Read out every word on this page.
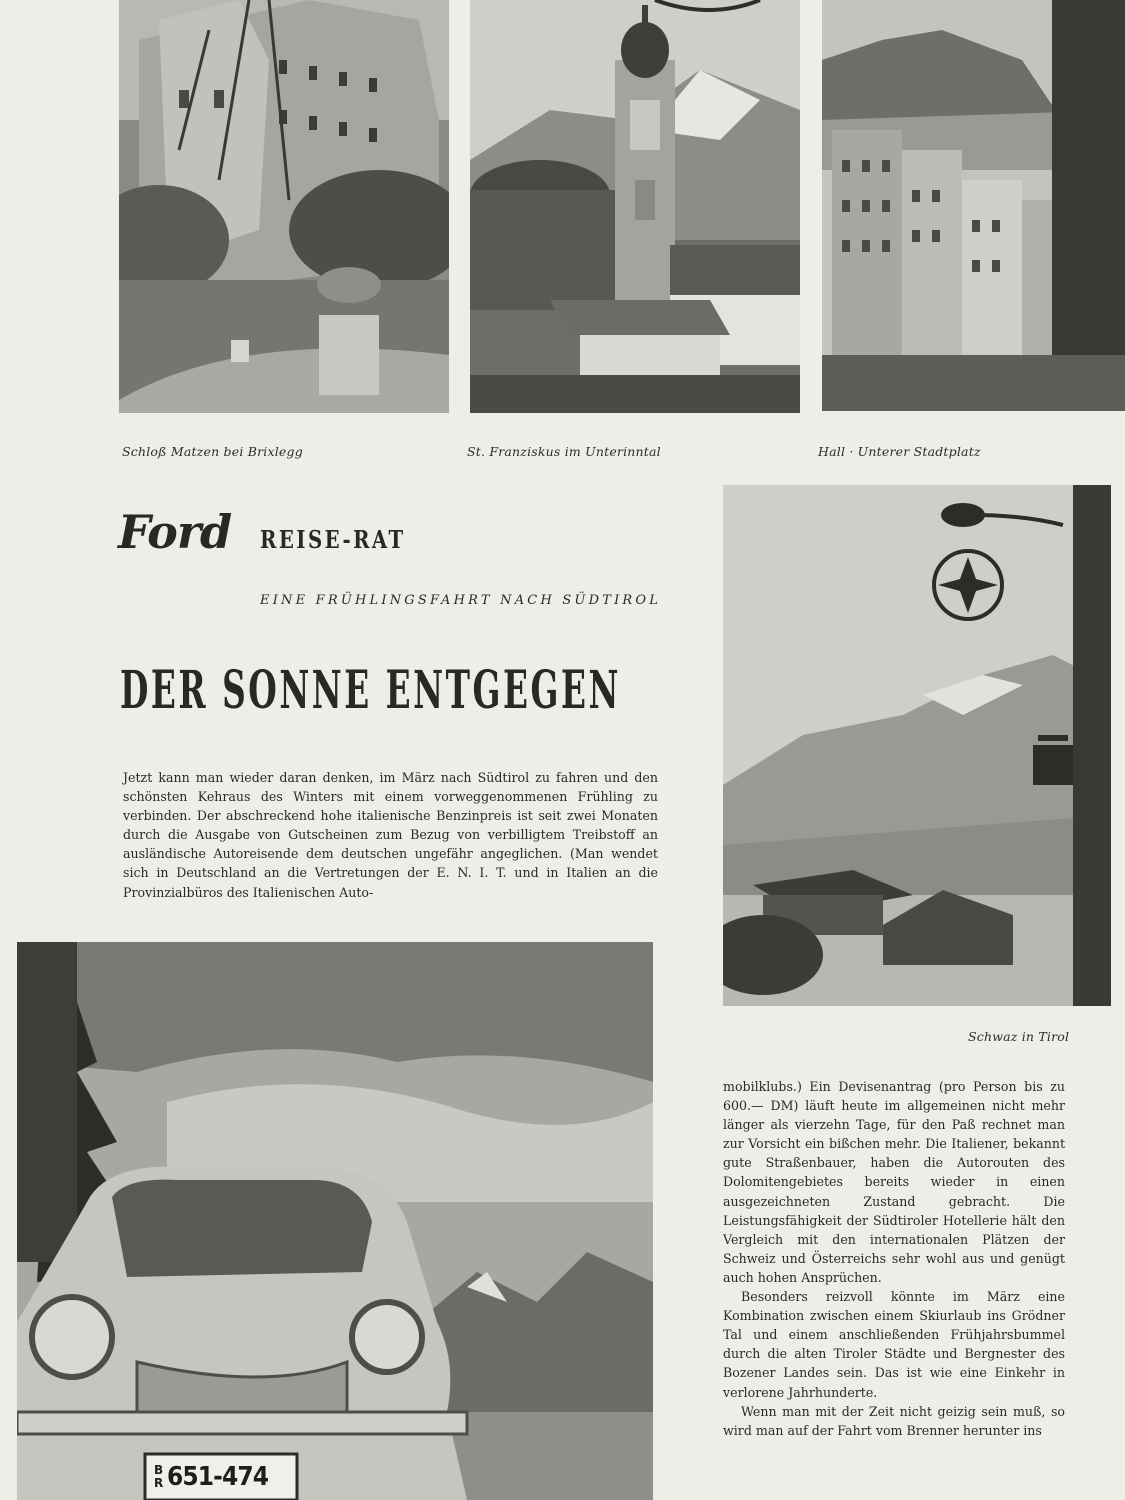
Schloß Matzen bei Brixlegg	St. Franziskus im Unterinntal	Hall · Unterer Stadtplatz
Ford REISE-RAT
EINE FRÜHLINGSFAHRT NACH SÜDTIROL
DER SONNE ENTGEGEN

Jetzt kann man wieder daran denken, im März nach Südtirol zu fahren und den schönsten Kehraus des Winters mit einem vorweggenommenen Frühling zu verbinden. Der abschreckend hohe italienische Benzinpreis ist seit zwei Monaten durch die Ausgabe von Gutscheinen zum Bezug von verbilligtem Treibstoff an ausländische Autoreisende dem deutschen ungefähr angeglichen. (Man wendet sich in Deutschland an die Vertretungen der E. N. I. T. und in Italien an die Provinzialbüros des Italienischen Auto-

Schwaz in Tirol
B
R 651-474

mobilklubs.) Ein Devisenantrag (pro Person bis zu 600.— DM) läuft heute im allgemeinen nicht mehr länger als vierzehn Tage, für den Paß rechnet man zur Vorsicht ein bißchen mehr. Die Italiener, bekannt gute Straßenbauer, haben die Autorouten des Dolomitengebietes bereits wieder in einen ausgezeichneten Zustand gebracht. Die Leistungsfähigkeit der Südtiroler Hotellerie hält den Vergleich mit den internationalen Plätzen der Schweiz und Österreichs sehr wohl aus und genügt auch hohen Ansprüchen.

Besonders reizvoll könnte im März eine Kombination zwischen einem Skiurlaub ins Grödner Tal und einem anschließenden Frühjahrsbummel durch die alten Tiroler Städte und Bergnester des Bozener Landes sein. Das ist wie eine Einkehr in verlorene Jahrhunderte.

Wenn man mit der Zeit nicht geizig sein muß, so wird man auf der Fahrt vom Brenner herunter ins
